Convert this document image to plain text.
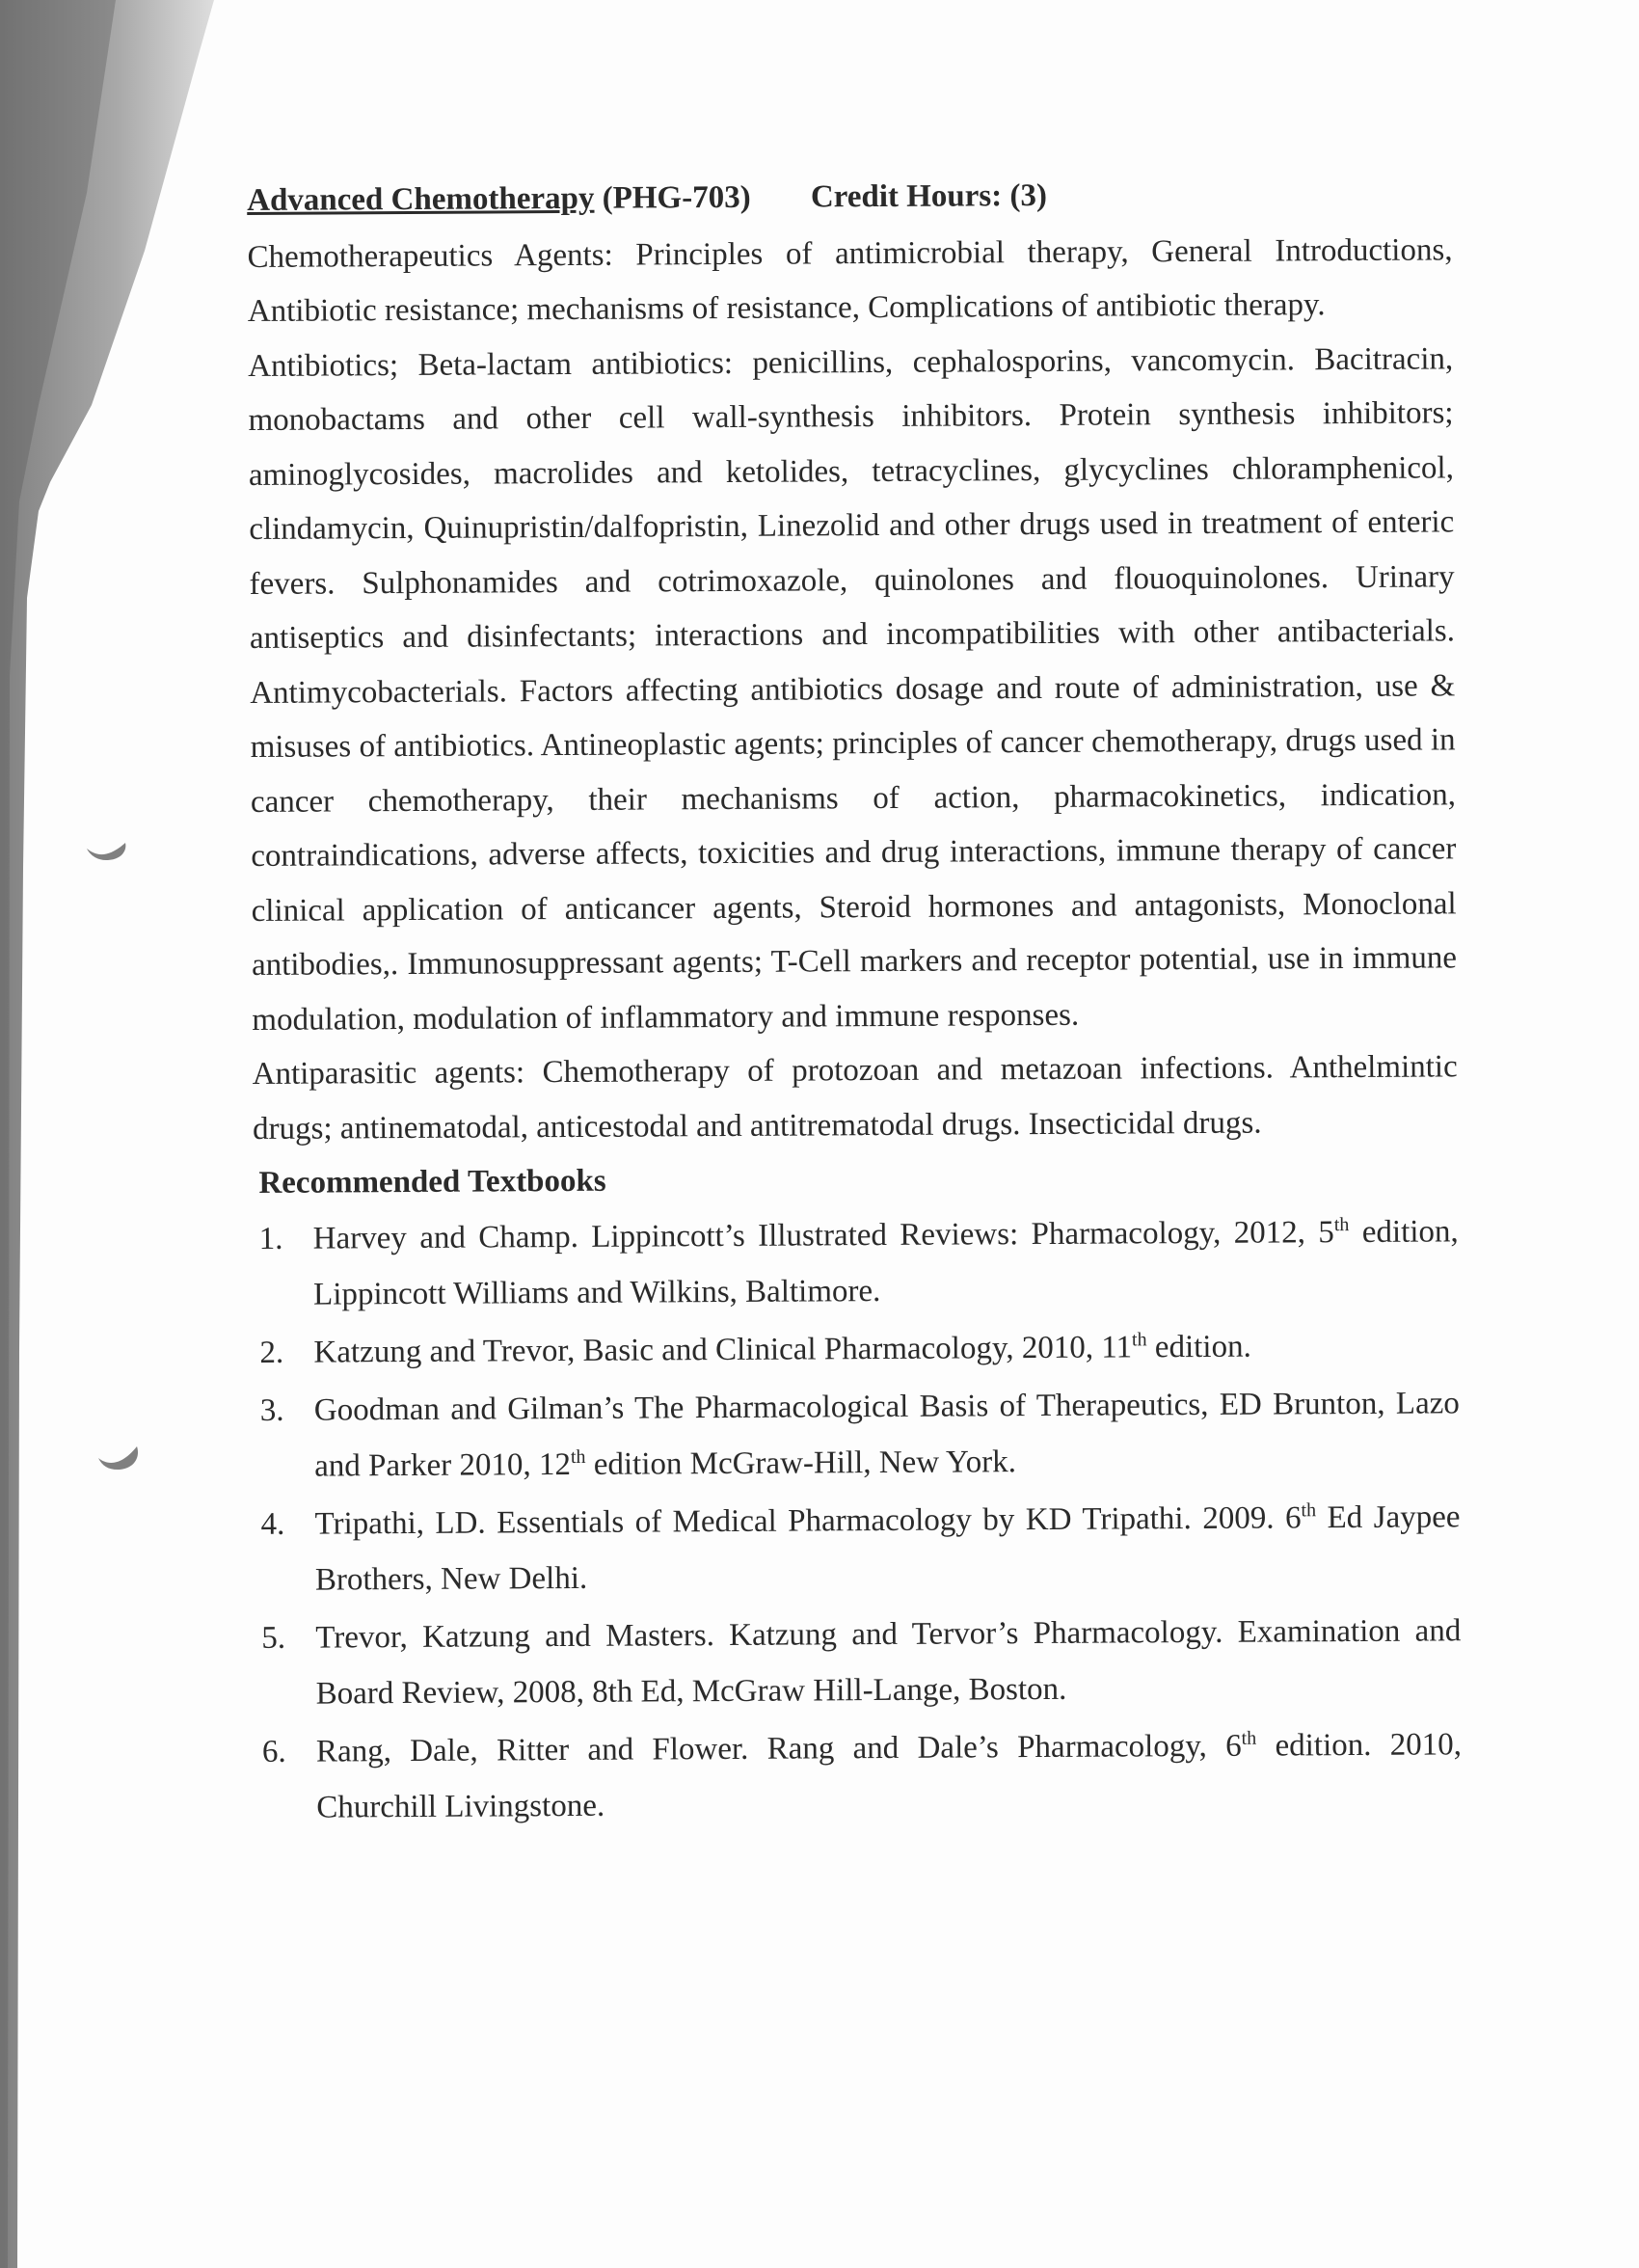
Advanced Chemotherapy (PHG-703) Credit Hours: (3)

Chemotherapeutics Agents: Principles of antimicrobial therapy, General Introductions, Antibiotic resistance; mechanisms of resistance, Complications of antibiotic therapy.

Antibiotics; Beta-lactam antibiotics: penicillins, cephalosporins, vancomycin. Bacitracin, monobactams and other cell wall-synthesis inhibitors. Protein synthesis inhibitors; aminoglycosides, macrolides and ketolides, tetracyclines, glycyclines chloramphenicol, clindamycin, Quinupristin/dalfopristin, Linezolid and other drugs used in treatment of enteric fevers. Sulphonamides and cotrimoxazole, quinolones and flouoquinolones. Urinary antiseptics and disinfectants; interactions and incompatibilities with other antibacterials. Antimycobacterials. Factors affecting antibiotics dosage and route of administration, use & misuses of antibiotics. Antineoplastic agents; principles of cancer chemotherapy, drugs used in cancer chemotherapy, their mechanisms of action, pharmacokinetics, indication, contraindications, adverse affects, toxicities and drug interactions, immune therapy of cancer clinical application of anticancer agents, Steroid hormones and antagonists, Monoclonal antibodies,. Immunosuppressant agents; T-Cell markers and receptor potential, use in immune modulation, modulation of inflammatory and immune responses.

Antiparasitic agents: Chemotherapy of protozoan and metazoan infections. Anthelmintic drugs; antinematodal, anticestodal and antitrematodal drugs. Insecticidal drugs.

Recommended Textbooks

1. Harvey and Champ. Lippincott’s Illustrated Reviews: Pharmacology, 2012, 5th edition, Lippincott Williams and Wilkins, Baltimore.
2. Katzung and Trevor, Basic and Clinical Pharmacology, 2010, 11th edition.
3. Goodman and Gilman’s The Pharmacological Basis of Therapeutics, ED Brunton, Lazo and Parker 2010, 12th edition McGraw-Hill, New York.
4. Tripathi, LD. Essentials of Medical Pharmacology by KD Tripathi. 2009. 6th Ed Jaypee Brothers, New Delhi.
5. Trevor, Katzung and Masters. Katzung and Tervor’s Pharmacology. Examination and Board Review, 2008, 8th Ed, McGraw Hill-Lange, Boston.
6. Rang, Dale, Ritter and Flower. Rang and Dale’s Pharmacology, 6th edition. 2010, Churchill Livingstone.
